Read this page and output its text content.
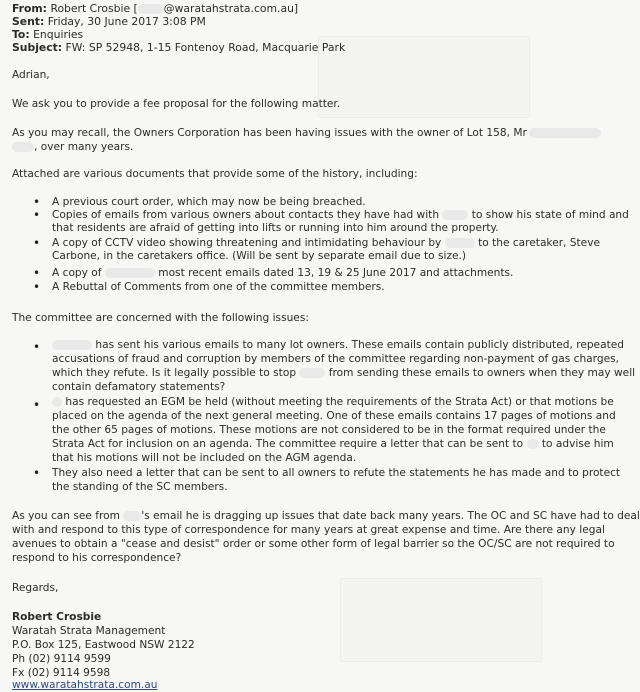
From: Robert Crosbie [ @waratahstrata.com.au]
Sent: Friday, 30 June 2017 3:08 PM
To: Enquiries
Subject: FW: SP 52948, 1-15 Fontenoy Road, Macquarie Park
Adrian,
We ask you to provide a fee proposal for the following matter.
As you may recall, the Owners Corporation has been having issues with the owner of Lot 158, Mr
, over many years.
Attached are various documents that provide some of the history, including:
• A previous court order, which may now be being breached.
• Copies of emails from various owners about contacts they have had with	to show his state of mind and
that residents are afraid of getting into lifts or running into him around the property.
• A copy of CCTV video showing threatening and intimidating behaviour by	to the caretaker, Steve
Carbone, in the caretakers office. (Will be sent by separate email due to size.)
• A copy of	most recent emails dated 13, 19 & 25 June 2017 and attachments.
• A Rebuttal of Comments from one of the committee members.
The committee are concerned with the following issues:
•	has sent his various emails to many lot owners. These emails contain publicly distributed, repeated
accusations of fraud and corruption by members of the committee regarding non-payment of gas charges,
which they refute. Is it legally possible to stop	from sending these emails to owners when they may well
contain defamatory statements?
•	has requested an EGM be held (without meeting the requirements of the Strata Act) or that motions be
placed on the agenda of the next general meeting. One of these emails contains 17 pages of motions and
the other 65 pages of motions. These motions are not considered to be in the format required under the
Strata Act for inclusion on an agenda. The committee require a letter that can be sent to to advise him
that his motions will not be included on the AGM agenda.
• They also need a letter that can be sent to all owners to refute the statements he has made and to protect
the standing of the SC members.
As you can see from 's email he is dragging up issues that date back many years. The OC and SC have had to deal
with and respond to this type of correspondence for many years at great expense and time. Are there any legal
avenues to obtain a "cease and desist" order or some other form of legal barrier so the OC/SC are not required to
respond to his correspondence?
Regards,
Robert Crosbie
Waratah Strata Management
P.O. Box 125, Eastwood NSW 2122
Ph (02) 9114 9599
Fx (02) 9114 9598
www.waratahstrata.com.au
